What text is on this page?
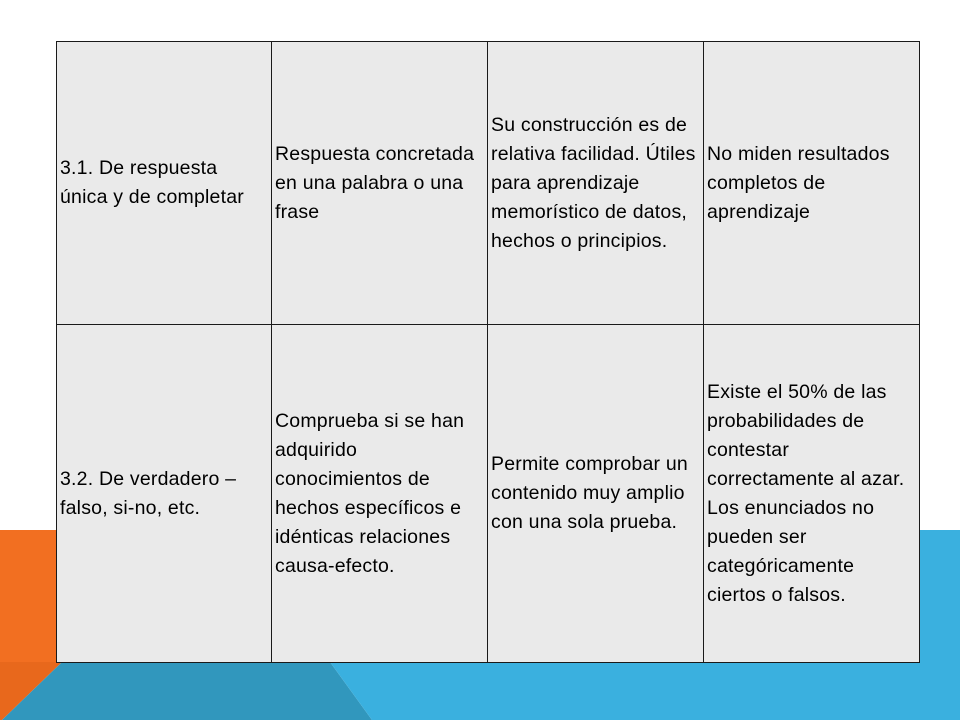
3.1. De respuesta única y de completar	Respuesta concretada en una palabra o una frase	Su construcción es de relativa facilidad. Útiles para aprendizaje memorístico de datos, hechos o principios.	No miden resultados completos de aprendizaje
3.2. De verdadero – falso, si-no, etc.	Comprueba si se han adquirido conocimientos de hechos específicos e idénticas relaciones causa-efecto.	Permite comprobar un contenido muy amplio con una sola prueba.	Existe el 50% de las probabilidades de contestar correctamente al azar. Los enunciados no pueden ser categóricamente ciertos o falsos.
